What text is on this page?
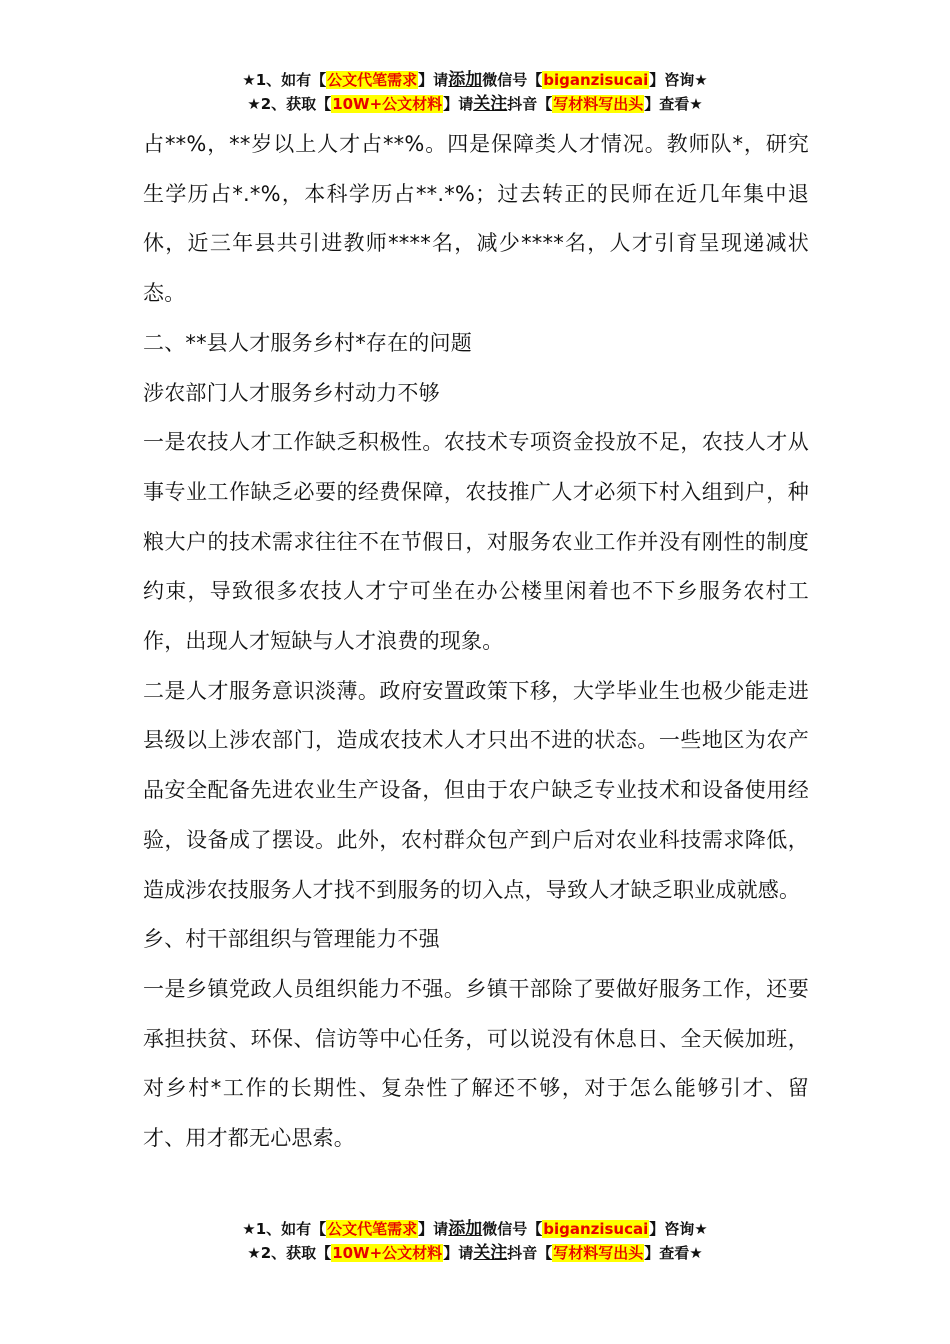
★1、如有【公文代笔需求】请添加微信号【biganzisucai】咨询★
★2、获取【10W+公文材料】请关注抖音【写材料写出头】查看★

占**%，**岁以上人才占**%。四是保障类人才情况。教师队*，研究生学历占*.*%，本科学历占**.*%；过去转正的民师在近几年集中退休，近三年县共引进教师****名，减少****名，人才引育呈现递减状态。

二、**县人才服务乡村*存在的问题

涉农部门人才服务乡村动力不够

一是农技人才工作缺乏积极性。农技术专项资金投放不足，农技人才从事专业工作缺乏必要的经费保障，农技推广人才必须下村入组到户，种粮大户的技术需求往往不在节假日，对服务农业工作并没有刚性的制度约束，导致很多农技人才宁可坐在办公楼里闲着也不下乡服务农村工作，出现人才短缺与人才浪费的现象。

二是人才服务意识淡薄。政府安置政策下移，大学毕业生也极少能走进县级以上涉农部门，造成农技术人才只出不进的状态。一些地区为农产品安全配备先进农业生产设备，但由于农户缺乏专业技术和设备使用经验，设备成了摆设。此外，农村群众包产到户后对农业科技需求降低，造成涉农技服务人才找不到服务的切入点，导致人才缺乏职业成就感。

乡、村干部组织与管理能力不强

一是乡镇党政人员组织能力不强。乡镇干部除了要做好服务工作，还要承担扶贫、环保、信访等中心任务，可以说没有休息日、全天候加班，对乡村*工作的长期性、复杂性了解还不够，对于怎么能够引才、留才、用才都无心思索。

★1、如有【公文代笔需求】请添加微信号【biganzisucai】咨询★
★2、获取【10W+公文材料】请关注抖音【写材料写出头】查看★
